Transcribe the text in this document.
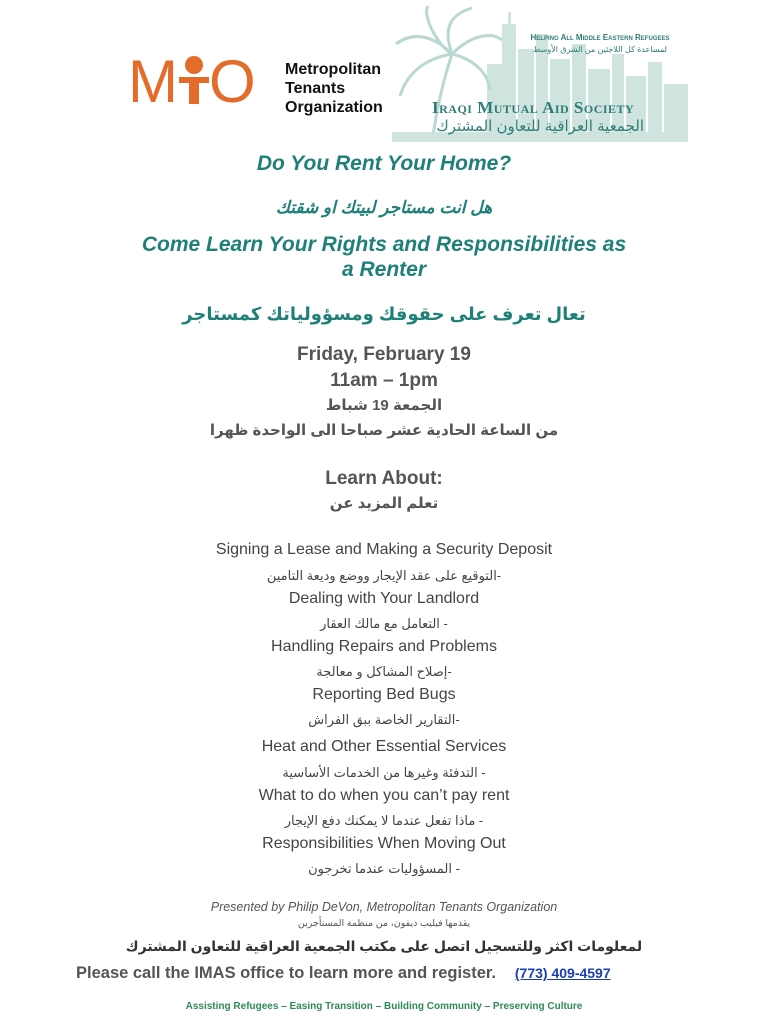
M O Metropolitan
Tenants
Organization
Helping All Middle Eastern Refugees
لمساعدة كل اللاجئين من الشرق الأوسط
Iraqi Mutual Aid Society
الجمعية العراقية للتعاون المشترك
Do You Rent Your Home?
هل انت مستاجر لبيتك او شقتك
Come Learn Your Rights and Responsibilities as
a Renter
تعال تعرف على حقوقك ومسؤولياتك كمستاجر
Friday, February 19
11am – 1pm
الجمعة 19 شباط
من الساعة الحادية عشر صباحا الى الواحدة ظهرا
Learn About:
تعلم المزيد عن
Signing a Lease and Making a Security Deposit
-التوقيع على عقد الإيجار ووضع وديعة التامين
Dealing with Your Landlord
- التعامل مع مالك العقار
Handling Repairs and Problems
-إصلاح المشاكل و معالجة
Reporting Bed Bugs
-التقارير الخاصة ببق الفراش
Heat and Other Essential Services
- التدفئة وغيرها من الخدمات الأساسية
What to do when you can’t pay rent
- ماذا تفعل عندما لا يمكنك دفع الإيجار
Responsibilities When Moving Out
- المسؤوليات عندما تخرجون
Presented by Philip DeVon, Metropolitan Tenants Organization
يقدمها فيليب ديفون، من منظمة المستأجرين
لمعلومات اكثر وللتسجيل اتصل على مكتب الجمعية العراقية للتعاون المشترك
Please call the IMAS office to learn more and register. (773) 409-4597
Assisting Refugees – Easing Transition – Building Community – Preserving Culture
